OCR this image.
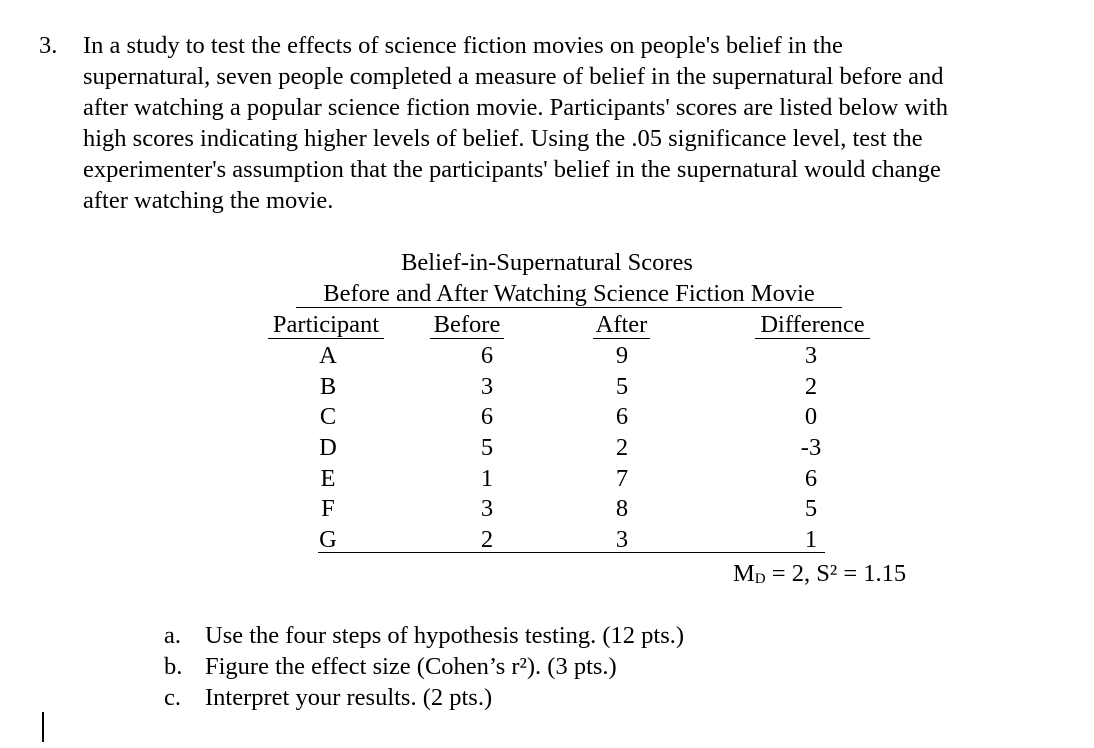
3. In a study to test the effects of science fiction movies on people's belief in the
supernatural, seven people completed a measure of belief in the supernatural before and
after watching a popular science fiction movie. Participants' scores are listed below with
high scores indicating higher levels of belief. Using the .05 significance level, test the
experimenter's assumption that the participants' belief in the supernatural would change
after watching the movie.
Belief-in-Supernatural Scores
Before and After Watching Science Fiction Movie
Participant Before	After	Difference
A	6	9	3
B	3	5	2
C	6	6	0
D	5	2	-3
E	1	7	6
F	3	8	5
G	2	3	1
MD = 2, S² = 1.15
a. Use the four steps of hypothesis testing. (12 pts.)
b. Figure the effect size (Cohen’s r²). (3 pts.)
c. Interpret your results. (2 pts.)
